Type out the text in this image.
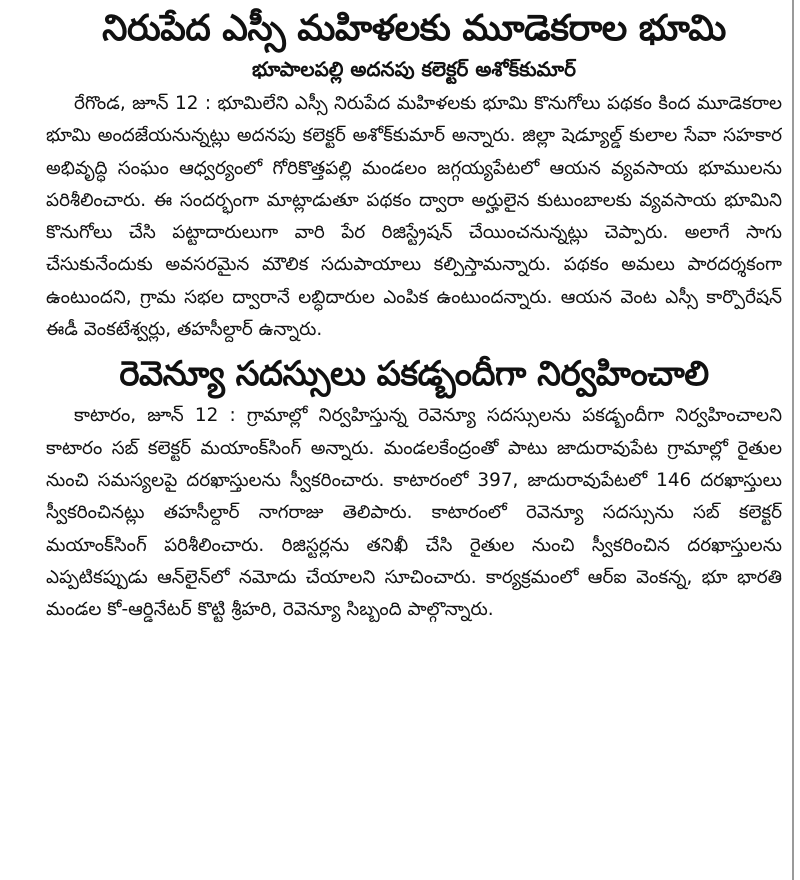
నిరుపేద ఎస్సీ మహిళలకు మూడెకరాల భూమి

భూపాలపల్లి అదనపు కలెక్టర్ అశోక్‌కుమార్

రేగొండ, జూన్ 12 : భూమిలేని ఎస్సీ నిరుపేద మహిళలకు భూమి కొనుగోలు పథకం కింద మూడెకరాల భూమి అందజేయనున్నట్లు అదనపు కలెక్టర్ అశోక్‌కుమార్ అన్నారు. జిల్లా షెడ్యూల్డ్ కులాల సేవా సహకార అభివృద్ధి సంఘం ఆధ్వర్యంలో గోరికొత్తపల్లి మండలం జగ్గయ్యపేటలో ఆయన వ్యవసాయ భూములను పరిశీలించారు. ఈ సందర్భంగా మాట్లాడుతూ పథకం ద్వారా అర్హులైన కుటుంబాలకు వ్యవసాయ భూమిని కొనుగోలు చేసి పట్టాదారులుగా వారి పేర రిజిస్ట్రేషన్ చేయించనున్నట్లు చెప్పారు. అలాగే సాగు చేసుకునేందుకు అవసరమైన మౌలిక సదుపాయాలు కల్పిస్తామన్నారు. పథకం అమలు పారదర్శకంగా ఉంటుందని, గ్రామ సభల ద్వారానే లబ్ధిదారుల ఎంపిక ఉంటుందన్నారు. ఆయన వెంట ఎస్సీ కార్పొరేషన్ ఈడీ వెంకటేశ్వర్లు, తహసీల్దార్ ఉన్నారు.

రెవెన్యూ సదస్సులు పకడ్బందీగా నిర్వహించాలి

కాటారం, జూన్ 12 : గ్రామాల్లో నిర్వహిస్తున్న రెవెన్యూ సదస్సులను పకడ్బందీగా నిర్వహించాలని కాటారం సబ్ కలెక్టర్ మయాంక్‌సింగ్ అన్నారు. మండలకేంద్రంతో పాటు జాదురావుపేట గ్రామాల్లో రైతుల నుంచి సమస్యలపై దరఖాస్తులను స్వీకరించారు. కాటారంలో 397, జాదురావుపేటలో 146 దరఖాస్తులు స్వీకరించినట్లు తహసీల్దార్ నాగరాజు తెలిపారు. కాటారంలో రెవెన్యూ సదస్సును సబ్ కలెక్టర్ మయాంక్‌సింగ్ పరిశీలించారు. రిజిస్టర్లను తనిఖీ చేసి రైతుల నుంచి స్వీకరించిన దరఖాస్తులను ఎప్పటికప్పుడు ఆన్‌లైన్‌లో నమోదు చేయాలని సూచించారు. కార్యక్రమంలో ఆర్ఐ వెంకన్న, భూ భారతి మండల కో-ఆర్డినేటర్ కొట్టి శ్రీహరి, రెవెన్యూ సిబ్బంది పాల్గొన్నారు.
